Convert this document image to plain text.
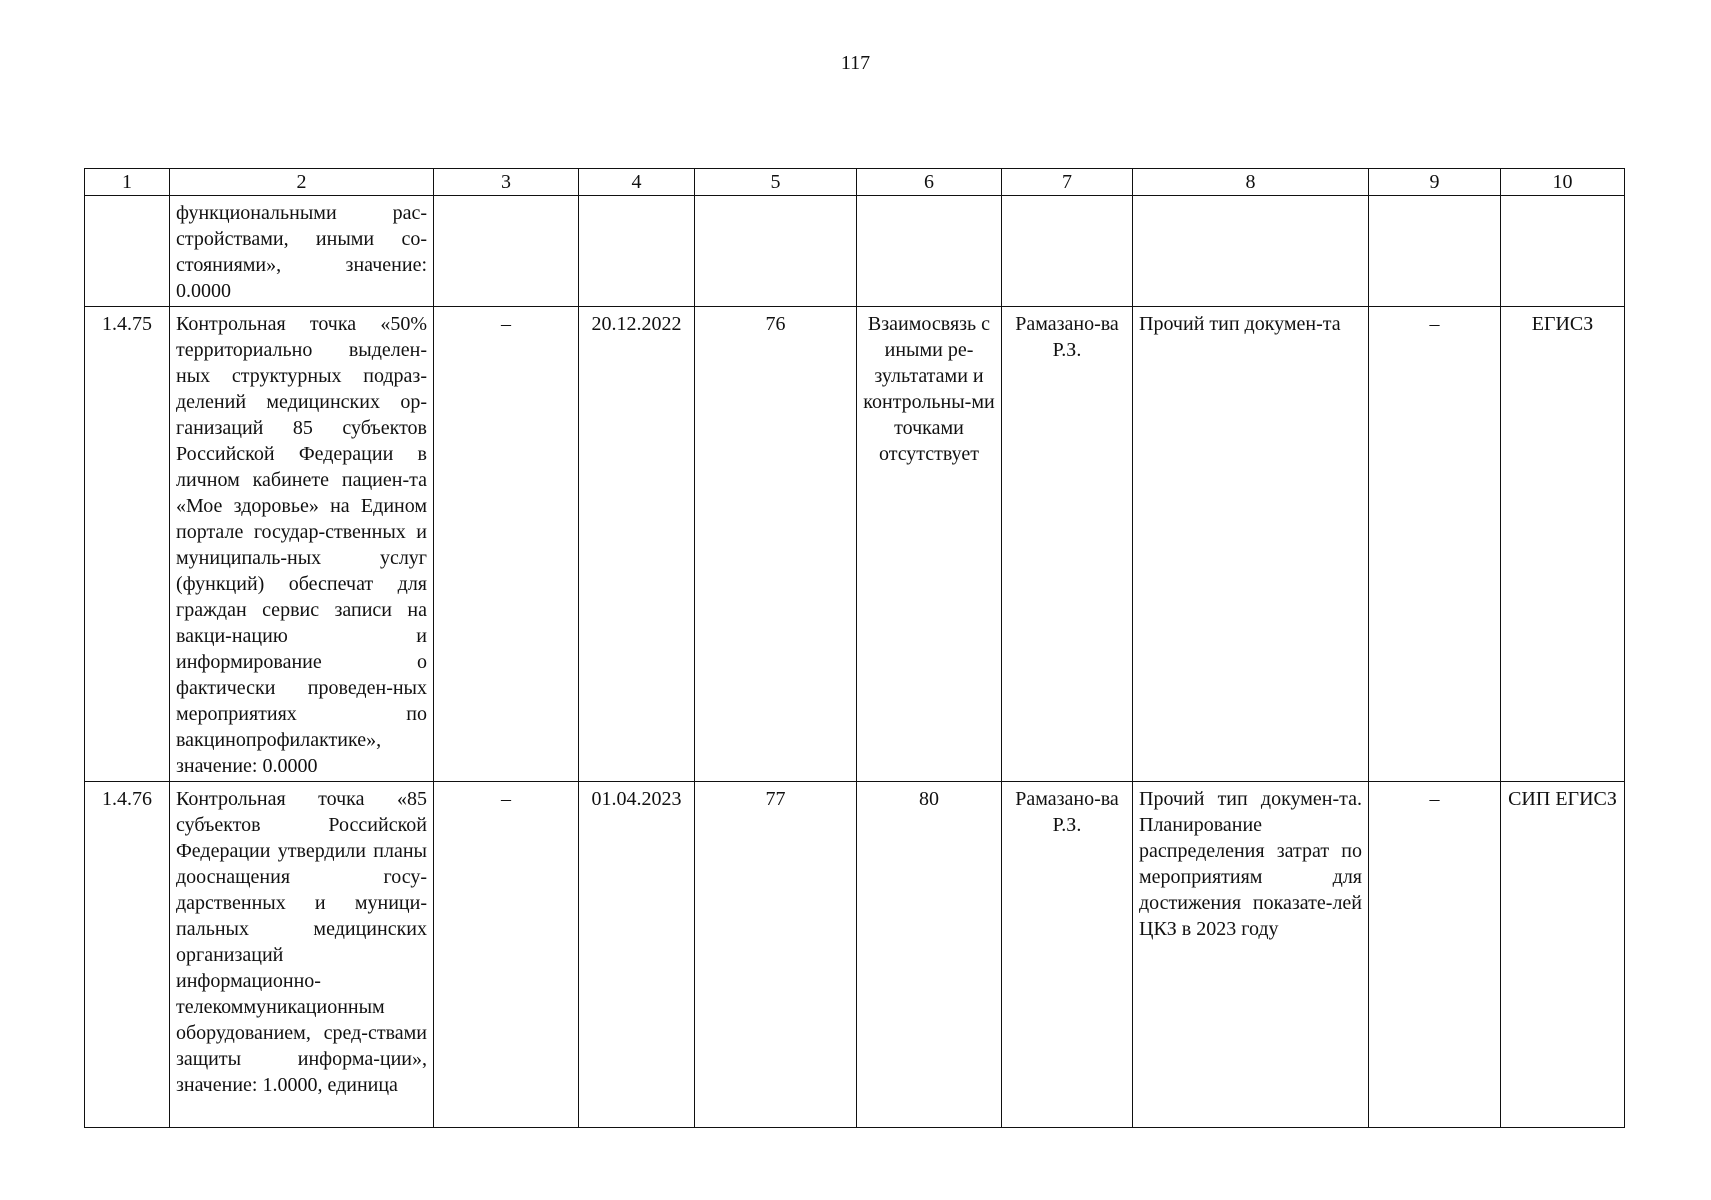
117
1	2	3	4	5	6	7	8	9	10
	функциональными рас-стройствами, иными со-стояниями», значение: 0.0000								
1.4.75	Контрольная точка «50% территориально выделен-ных структурных подраз-делений медицинских ор-ганизаций 85 субъектов Российской Федерации в личном кабинете пациен-та «Мое здоровье» на Едином портале государ-ственных и муниципаль-ных услуг (функций) обеспечат для граждан сервис записи на вакци-нацию и информирование о фактически проведен-ных мероприятиях по вакцинопрофилактике», значение: 0.0000	–	20.12.2022	76	Взаимосвязь с иными ре-зультатами и контрольны-ми точками отсутствует	Рамазано-ва Р.З.	Прочий тип докумен-та	–	ЕГИСЗ
1.4.76	Контрольная точка «85 субъектов Российской Федерации утвердили планы дооснащения госу-дарственных и муници-пальных медицинских организаций информационно-телекоммуникационным оборудованием, сред-ствами защиты информа-ции», значение: 1.0000, единица	–	01.04.2023	77	80	Рамазано-ва Р.З.	Прочий тип докумен-та. Планирование распределения затрат по мероприятиям для достижения показате-лей ЦКЗ в 2023 году	–	СИП ЕГИСЗ
